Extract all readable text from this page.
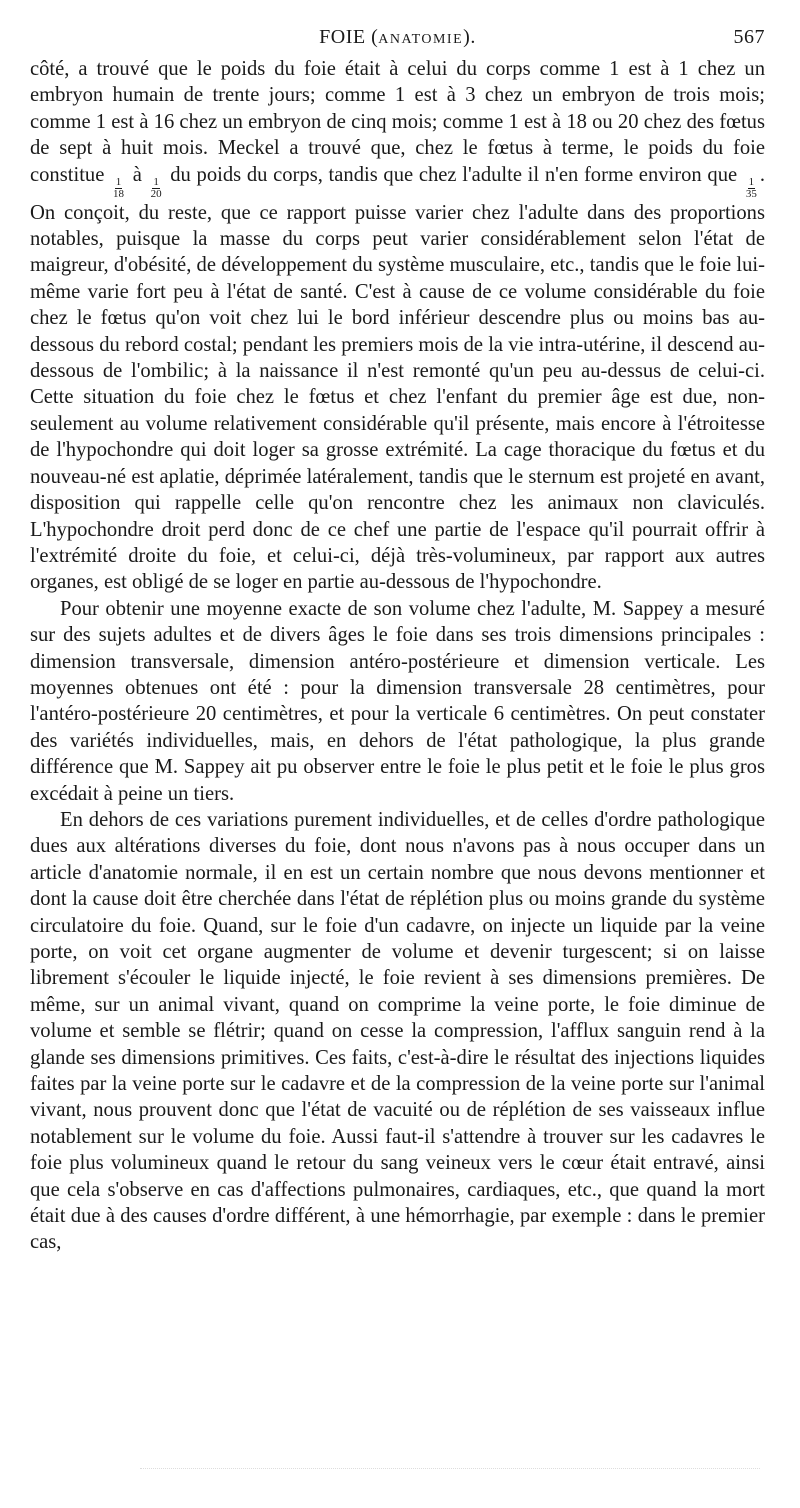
FOIE (ANATOMIE).	567

côté, a trouvé que le poids du foie était à celui du corps comme 1 est à 1 chez un embryon humain de trente jours; comme 1 est à 3 chez un embryon de trois mois; comme 1 est à 16 chez un embryon de cinq mois; comme 1 est à 18 ou 20 chez des fœtus de sept à huit mois. Meckel a trouvé que, chez le fœtus à terme, le poids du foie constitue
$\frac{1}{18}$
à
$\frac{1}{20}$
du poids du corps, tandis que chez l'adulte il n'en forme environ que
$\frac{1}{35}$
. On conçoit, du reste, que ce rapport puisse varier chez l'adulte dans des proportions notables, puisque la masse du corps peut varier considérablement selon l'état de maigreur, d'obésité, de développement du système musculaire, etc., tandis que le foie lui-même varie fort peu à l'état de santé. C'est à cause de ce volume considérable du foie chez le fœtus qu'on voit chez lui le bord inférieur descendre plus ou moins bas au-dessous du rebord costal; pendant les premiers mois de la vie intra-utérine, il descend au-dessous de l'ombilic; à la naissance il n'est remonté qu'un peu au-dessus de celui-ci. Cette situation du foie chez le fœtus et chez l'enfant du premier âge est due, non-seulement au volume relativement considérable qu'il présente, mais encore à l'étroitesse de l'hypochondre qui doit loger sa grosse extrémité. La cage thoracique du fœtus et du nouveau-né est aplatie, déprimée latéralement, tandis que le sternum est projeté en avant, disposition qui rappelle celle qu'on rencontre chez les animaux non claviculés. L'hypochondre droit perd donc de ce chef une partie de l'espace qu'il pourrait offrir à l'extrémité droite du foie, et celui-ci, déjà très-volumineux, par rapport aux autres organes, est obligé de se loger en partie au-dessous de l'hypochondre.

Pour obtenir une moyenne exacte de son volume chez l'adulte, M. Sappey a mesuré sur des sujets adultes et de divers âges le foie dans ses trois dimensions principales : dimension transversale, dimension antéro-postérieure et dimension verticale. Les moyennes obtenues ont été : pour la dimension transversale 28 centimètres, pour l'antéro-postérieure 20 centimètres, et pour la verticale 6 centimètres. On peut constater des variétés individuelles, mais, en dehors de l'état pathologique, la plus grande différence que M. Sappey ait pu observer entre le foie le plus petit et le foie le plus gros excédait à peine un tiers.

En dehors de ces variations purement individuelles, et de celles d'ordre pathologique dues aux altérations diverses du foie, dont nous n'avons pas à nous occuper dans un article d'anatomie normale, il en est un certain nombre que nous devons mentionner et dont la cause doit être cherchée dans l'état de réplétion plus ou moins grande du système circulatoire du foie. Quand, sur le foie d'un cadavre, on injecte un liquide par la veine porte, on voit cet organe augmenter de volume et devenir turgescent; si on laisse librement s'écouler le liquide injecté, le foie revient à ses dimensions premières. De même, sur un animal vivant, quand on comprime la veine porte, le foie diminue de volume et semble se flétrir; quand on cesse la compression, l'afflux sanguin rend à la glande ses dimensions primitives. Ces faits, c'est-à-dire le résultat des injections liquides faites par la veine porte sur le cadavre et de la compression de la veine porte sur l'animal vivant, nous prouvent donc que l'état de vacuité ou de réplétion de ses vaisseaux influe notablement sur le volume du foie. Aussi faut-il s'attendre à trouver sur les cadavres le foie plus volumineux quand le retour du sang veineux vers le cœur était entravé, ainsi que cela s'observe en cas d'affections pulmonaires, cardiaques, etc., que quand la mort était due à des causes d'ordre différent, à une hémorrhagie, par exemple : dans le premier cas,
